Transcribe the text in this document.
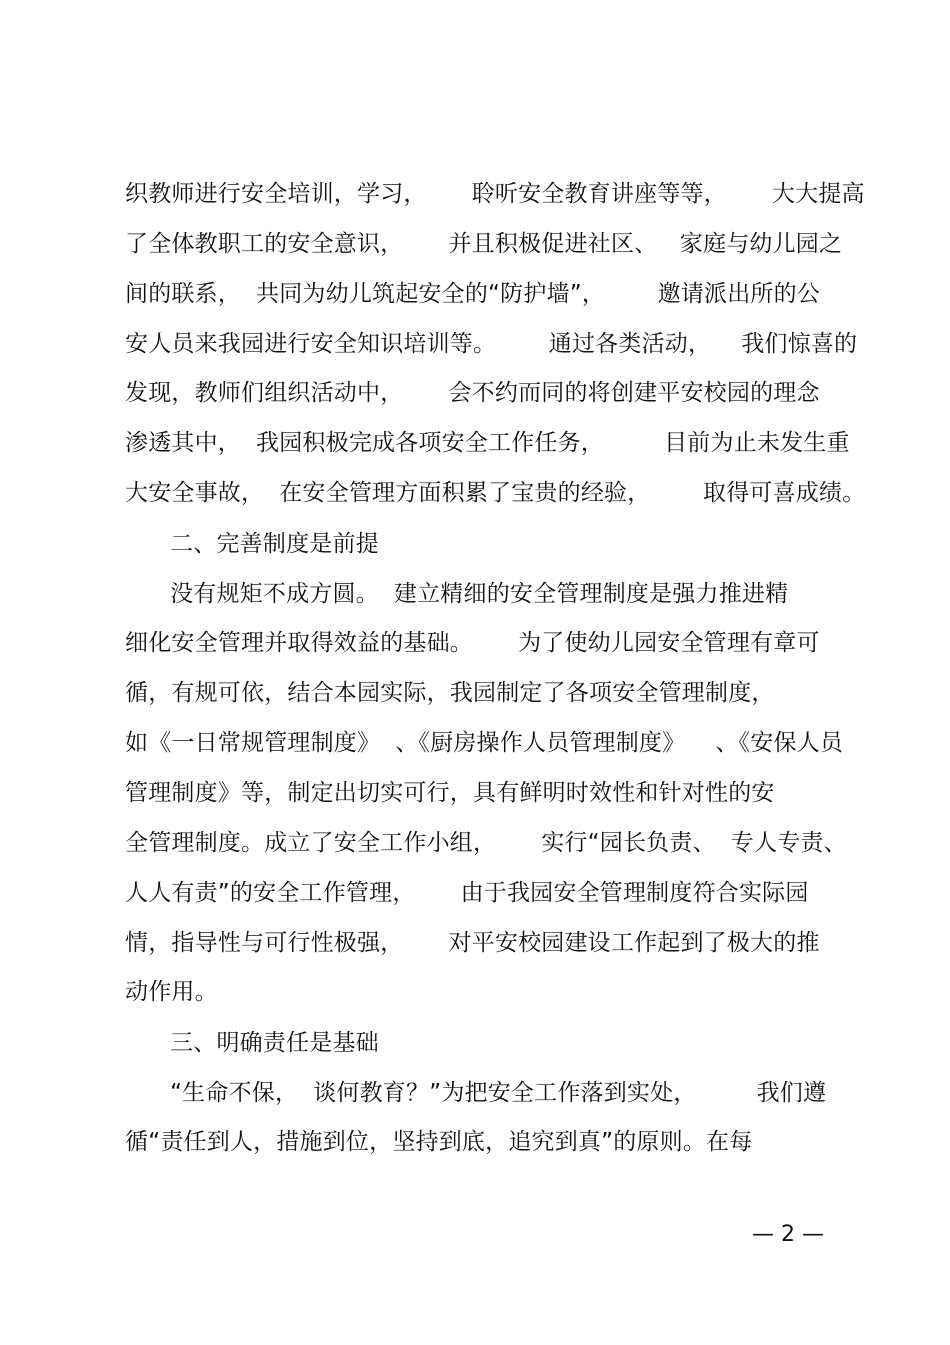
织教师进行安全培训，学习，      聆听安全教育讲座等等，      大大提高
了全体教职工的安全意识，      并且积极促进社区、   家庭与幼儿园之
间的联系，  共同为幼儿筑起安全的“防护墙”，       邀请派出所的公
安人员来我园进行安全知识培训等。       通过各类活动，    我们惊喜的
发现，教师们组织活动中，      会不约而同的将创建平安校园的理念
渗透其中，  我园积极完成各项安全工作任务，        目前为止未发生重
大安全事故，  在安全管理方面积累了宝贵的经验，       取得可喜成绩。
二、完善制度是前提
没有规矩不成方圆。  建立精细的安全管理制度是强力推进精
细化安全管理并取得效益的基础。      为了使幼儿园安全管理有章可
循，有规可依，结合本园实际，我园制定了各项安全管理制度，
如《一日常规管理制度》  、《厨房操作人员管理制度》    、《安保人员
管理制度》等，制定出切实可行，具有鲜明时效性和针对性的安
全管理制度。成立了安全工作小组，      实行“园长负责、  专人专责、
人人有责”的安全工作管理，      由于我园安全管理制度符合实际园
情，指导性与可行性极强，      对平安校园建设工作起到了极大的推
动作用。
三、明确责任是基础
“生命不保，  谈何教育？”为把安全工作落到实处，        我们遵
循“责任到人，措施到位，坚持到底，追究到真”的原则。在每
— 2 —
